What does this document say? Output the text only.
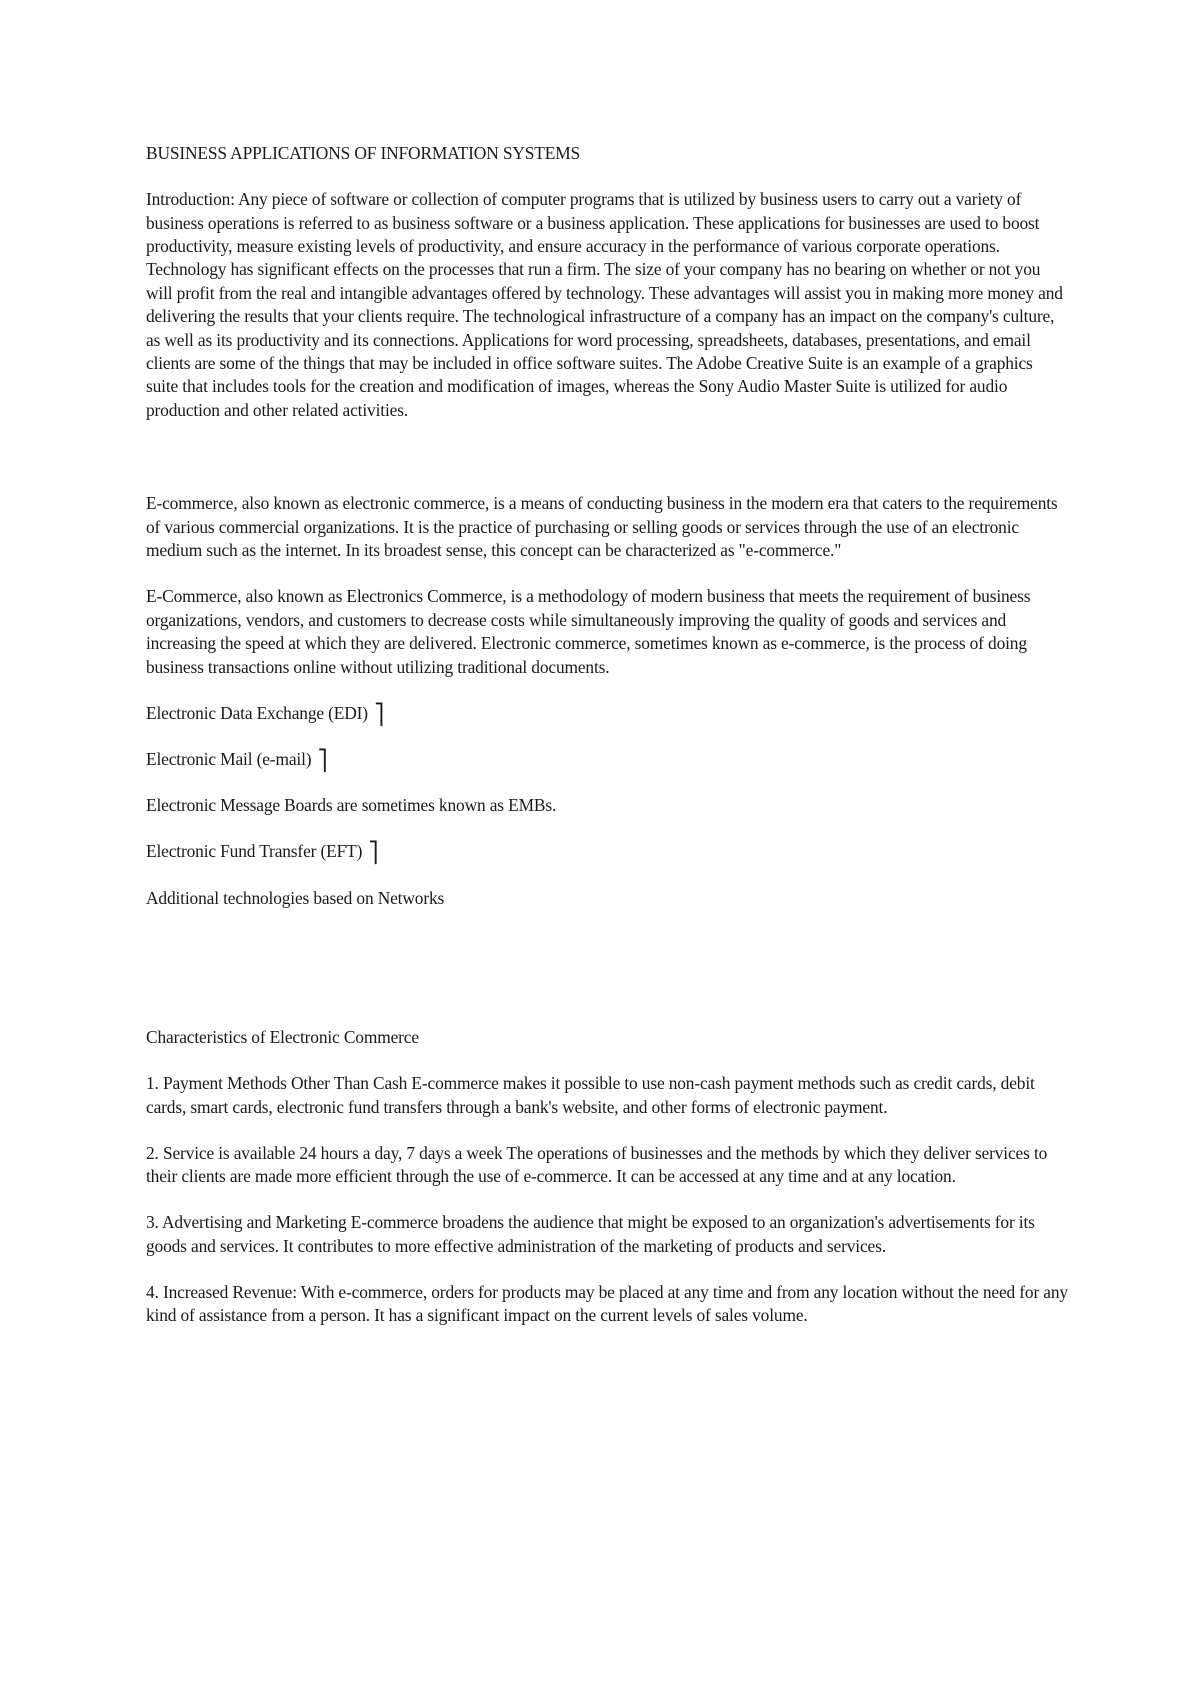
BUSINESS APPLICATIONS OF INFORMATION SYSTEMS

Introduction: Any piece of software or collection of computer programs that is utilized by business users to carry out a variety of business operations is referred to as business software or a business application. These applications for businesses are used to boost productivity, measure existing levels of productivity, and ensure accuracy in the performance of various corporate operations. Technology has significant effects on the processes that run a firm. The size of your company has no bearing on whether or not you will profit from the real and intangible advantages offered by technology. These advantages will assist you in making more money and delivering the results that your clients require. The technological infrastructure of a company has an impact on the company's culture, as well as its productivity and its connections. Applications for word processing, spreadsheets, databases, presentations, and email clients are some of the things that may be included in office software suites. The Adobe Creative Suite is an example of a graphics suite that includes tools for the creation and modification of images, whereas the Sony Audio Master Suite is utilized for audio production and other related activities.

E-commerce, also known as electronic commerce, is a means of conducting business in the modern era that caters to the requirements of various commercial organizations. It is the practice of purchasing or selling goods or services through the use of an electronic medium such as the internet. In its broadest sense, this concept can be characterized as "e-commerce."

E-Commerce, also known as Electronics Commerce, is a methodology of modern business that meets the requirement of business organizations, vendors, and customers to decrease costs while simultaneously improving the quality of goods and services and increasing the speed at which they are delivered. Electronic commerce, sometimes known as e-commerce, is the process of doing business transactions online without utilizing traditional documents.

Electronic Data Exchange (EDI) ⎤

Electronic Mail (e-mail) ⎤

Electronic Message Boards are sometimes known as EMBs.

Electronic Fund Transfer (EFT) ⎤

Additional technologies based on Networks

Characteristics of Electronic Commerce

1. Payment Methods Other Than Cash E-commerce makes it possible to use non-cash payment methods such as credit cards, debit cards, smart cards, electronic fund transfers through a bank's website, and other forms of electronic payment.

2. Service is available 24 hours a day, 7 days a week The operations of businesses and the methods by which they deliver services to their clients are made more efficient through the use of e-commerce. It can be accessed at any time and at any location.

3. Advertising and Marketing E-commerce broadens the audience that might be exposed to an organization's advertisements for its goods and services. It contributes to more effective administration of the marketing of products and services.

4. Increased Revenue: With e-commerce, orders for products may be placed at any time and from any location without the need for any kind of assistance from a person. It has a significant impact on the current levels of sales volume.
